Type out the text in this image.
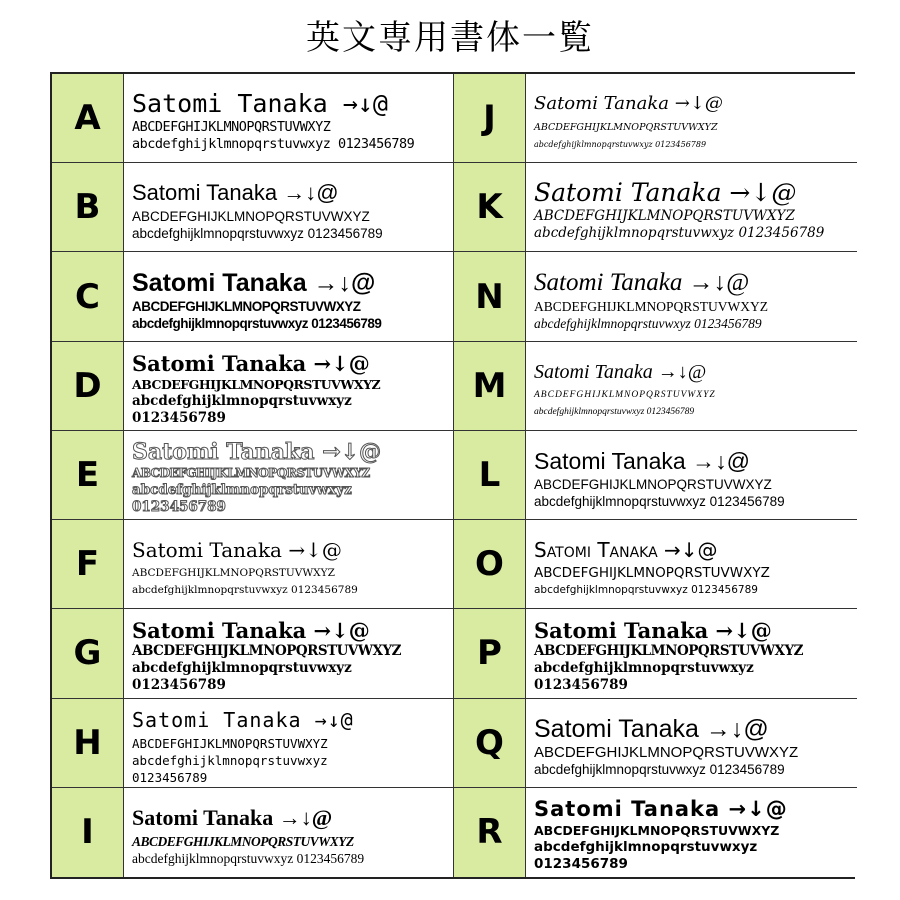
英文専用書体一覧
A	Satomi Tanaka →↓@
ABCDEFGHIJKLMNOPQRSTUVWXYZ
abcdefghijklmnopqrstuvwxyz 0123456789
J	Satomi Tanaka →↓@
ABCDEFGHIJKLMNOPQRSTUVWXYZ
abcdefghijklmnopqrstuvwxyz 0123456789
B	Satomi Tanaka →↓@
ABCDEFGHIJKLMNOPQRSTUVWXYZ
abcdefghijklmnopqrstuvwxyz 0123456789
K	Satomi Tanaka →↓@
ABCDEFGHIJKLMNOPQRSTUVWXYZ
abcdefghijklmnopqrstuvwxyz 0123456789
C	Satomi Tanaka →↓@
ABCDEFGHIJKLMNOPQRSTUVWXYZ
abcdefghijklmnopqrstuvwxyz 0123456789
N	Satomi Tanaka →↓@
ABCDEFGHIJKLMNOPQRSTUVWXYZ
abcdefghijklmnopqrstuvwxyz 0123456789
D
Satomi Tanaka →↓@
ABCDEFGHIJKLMNOPQRSTUVWXYZ
abcdefghijklmnopqrstuvwxyz
0123456789
M	Satomi Tanaka →↓@
ABCDEFGHIJKLMNOPQRSTUVWXYZ
abcdefghijklmnopqrstuvwxyz 0123456789
E
Satomi Tanaka →↓@
ABCDEFGHIJKLMNOPQRSTUVWXYZ
abcdefghijklmnopqrstuvwxyz
0123456789
L	Satomi Tanaka →↓@
ABCDEFGHIJKLMNOPQRSTUVWXYZ
abcdefghijklmnopqrstuvwxyz 0123456789
F	Satomi Tanaka →↓@
ABCDEFGHIJKLMNOPQRSTUVWXYZ
abcdefghijklmnopqrstuvwxyz 0123456789
O	Satomi Tanaka →↓@
ABCDEFGHIJKLMNOPQRSTUVWXYZ
abcdefghijklmnopqrstuvwxyz 0123456789
G
Satomi Tanaka →↓@
ABCDEFGHIJKLMNOPQRSTUVWXYZ
abcdefghijklmnopqrstuvwxyz
0123456789
P
Satomi Tanaka →↓@
ABCDEFGHIJKLMNOPQRSTUVWXYZ
abcdefghijklmnopqrstuvwxyz
0123456789
H
Satomi Tanaka →↓@
ABCDEFGHIJKLMNOPQRSTUVWXYZ
abcdefghijklmnopqrstuvwxyz
0123456789
Q	Satomi Tanaka →↓@
ABCDEFGHIJKLMNOPQRSTUVWXYZ
abcdefghijklmnopqrstuvwxyz 0123456789
I	Satomi Tanaka →↓@
ABCDEFGHIJKLMNOPQRSTUVWXYZ
abcdefghijklmnopqrstuvwxyz 0123456789
R
Satomi Tanaka →↓@
ABCDEFGHIJKLMNOPQRSTUVWXYZ
abcdefghijklmnopqrstuvwxyz
0123456789
